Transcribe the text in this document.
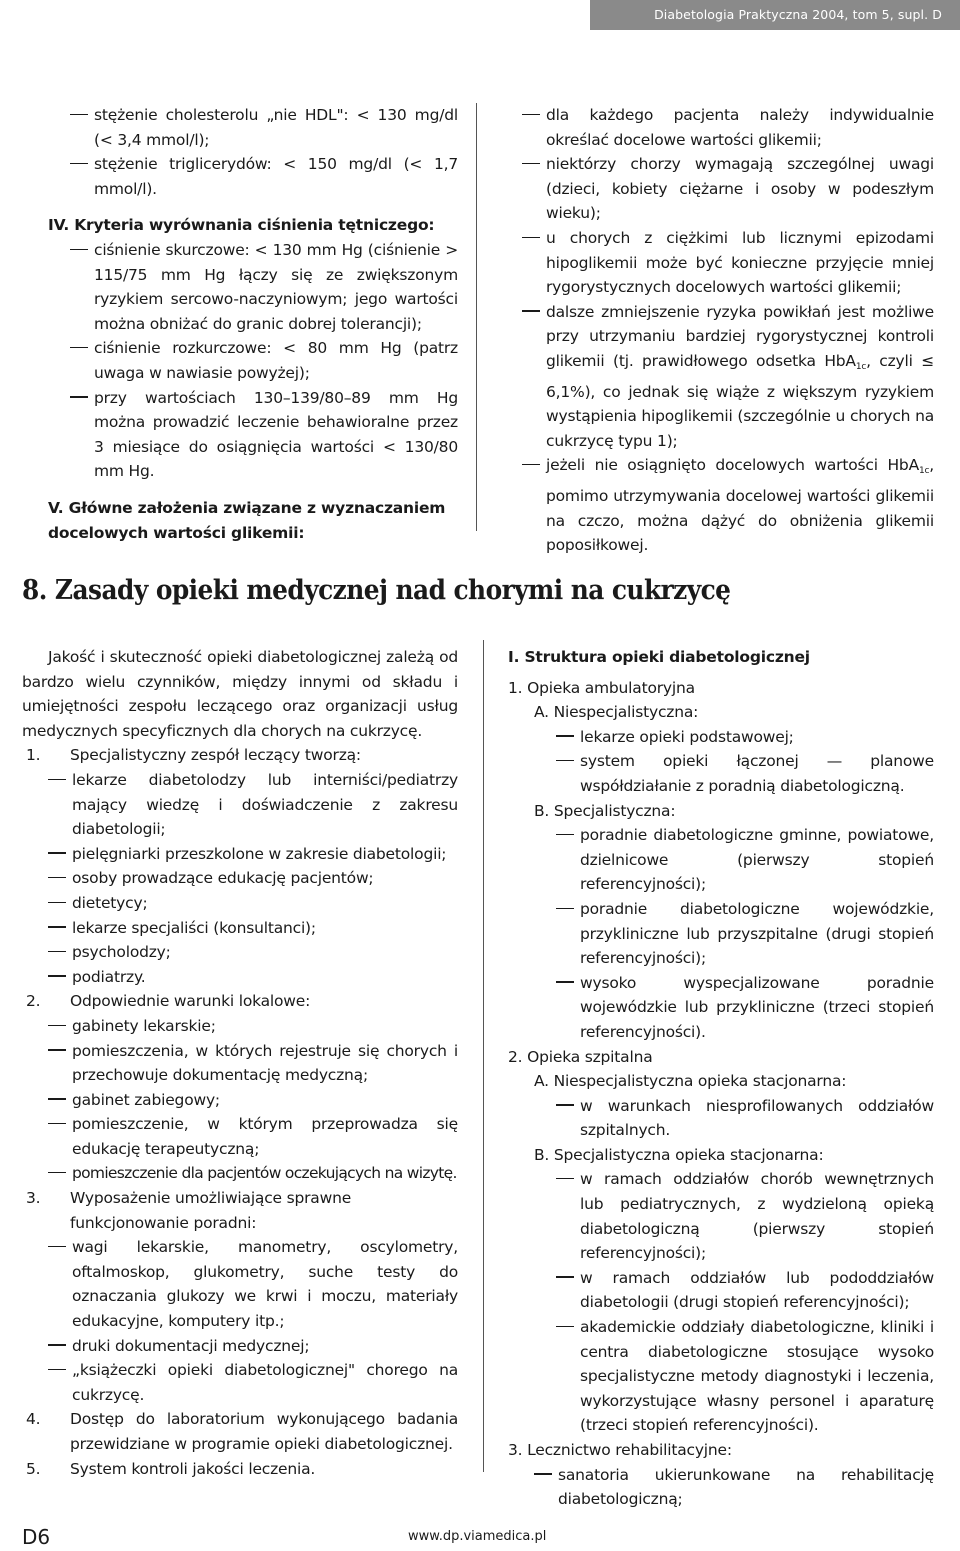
Diabetologia Praktyczna 2004, tom 5, supl. D

stężenie cholesterolu „nie HDL": < 130 mg/dl (< 3,4 mmol/l);

stężenie triglicerydów: < 150 mg/dl (< 1,7 mmol/l).

IV. Kryteria wyrównania ciśnienia tętniczego:

ciśnienie skurczowe: < 130 mm Hg (ciśnienie > 115/75 mm Hg łączy się ze zwiększonym ryzykiem sercowo-naczyniowym; jego wartości można obniżać do granic dobrej tolerancji);

ciśnienie rozkurczowe: < 80 mm Hg (patrz uwaga w nawiasie powyżej);

przy wartościach 130–139/80–89 mm Hg można prowadzić leczenie behawioralne przez 3 miesiące do osiągnięcia wartości < 130/80 mm Hg.

V. Główne założenia związane z wyznaczaniem docelowych wartości glikemii:

dla każdego pacjenta należy indywidualnie określać docelowe wartości glikemii;

niektórzy chorzy wymagają szczególnej uwagi (dzieci, kobiety ciężarne i osoby w podeszłym wieku);

u chorych z ciężkimi lub licznymi epizodami hipoglikemii może być konieczne przyjęcie mniej rygorystycznych docelowych wartości glikemii;

dalsze zmniejszenie ryzyka powikłań jest możliwe przy utrzymaniu bardziej rygorystycznej kontroli glikemii (tj. prawidłowego odsetka HbA$_{1c}$, czyli ≤ 6,1%), co jednak się wiąże z większym ryzykiem wystąpienia hipoglikemii (szczególnie u chorych na cukrzycę typu 1);

jeżeli nie osiągnięto docelowych wartości HbA$_{1c}$, pomimo utrzymywania docelowej wartości glikemii na czczo, można dążyć do obniżenia glikemii poposiłkowej.

8. Zasady opieki medycznej nad chorymi na cukrzycę

Jakość i skuteczność opieki diabetologicznej zależą od bardzo wielu czynników, między innymi od składu i umiejętności zespołu leczącego oraz organizacji usług medycznych specyficznych dla chorych na cukrzycę.

1. Specjalistyczny zespół leczący tworzą:

lekarze diabetolodzy lub interniści/pediatrzy mający wiedzę i doświadczenie z zakresu diabetologii;

pielęgniarki przeszkolone w zakresie diabetologii;

osoby prowadzące edukację pacjentów;

dietetycy;

lekarze specjaliści (konsultanci);

psycholodzy;

podiatrzy.

2. Odpowiednie warunki lokalowe:

gabinety lekarskie;

pomieszczenia, w których rejestruje się chorych i przechowuje dokumentację medyczną;

gabinet zabiegowy;

pomieszczenie, w którym przeprowadza się edukację terapeutyczną;

pomieszczenie dla pacjentów oczekujących na wizytę.

3. Wyposażenie umożliwiające sprawne funkcjonowanie poradni:

wagi lekarskie, manometry, oscylometry, oftalmoskop, glukometry, suche testy do oznaczania glukozy we krwi i moczu, materiały edukacyjne, komputery itp.;

druki dokumentacji medycznej;

„książeczki opieki diabetologicznej" chorego na cukrzycę.

4. Dostęp do laboratorium wykonującego badania przewidziane w programie opieki diabetologicznej.

5. System kontroli jakości leczenia.

I. Struktura opieki diabetologicznej

1. Opieka ambulatoryjna

A. Niespecjalistyczna:

lekarze opieki podstawowej;

system opieki łączonej — planowe współdziałanie z poradnią diabetologiczną.

B. Specjalistyczna:

poradnie diabetologiczne gminne, powiatowe, dzielnicowe (pierwszy stopień referencyjności);

poradnie diabetologiczne wojewódzkie, przykliniczne lub przyszpitalne (drugi stopień referencyjności);

wysoko wyspecjalizowane poradnie wojewódzkie lub przykliniczne (trzeci stopień referencyjności).

2. Opieka szpitalna

A. Niespecjalistyczna opieka stacjonarna:

w warunkach niesprofilowanych oddziałów szpitalnych.

B. Specjalistyczna opieka stacjonarna:

w ramach oddziałów chorób wewnętrznych lub pediatrycznych, z wydzieloną opieką diabetologiczną (pierwszy stopień referencyjności);

w ramach oddziałów lub pododdziałów diabetologii (drugi stopień referencyjności);

akademickie oddziały diabetologiczne, kliniki i centra diabetologiczne stosujące wysoko specjalistyczne metody diagnostyki i leczenia, wykorzystujące własny personel i aparaturę (trzeci stopień referencyjności).

3. Lecznictwo rehabilitacyjne:

sanatoria ukierunkowane na rehabilitację diabetologiczną;

D6	www.dp.viamedica.pl
